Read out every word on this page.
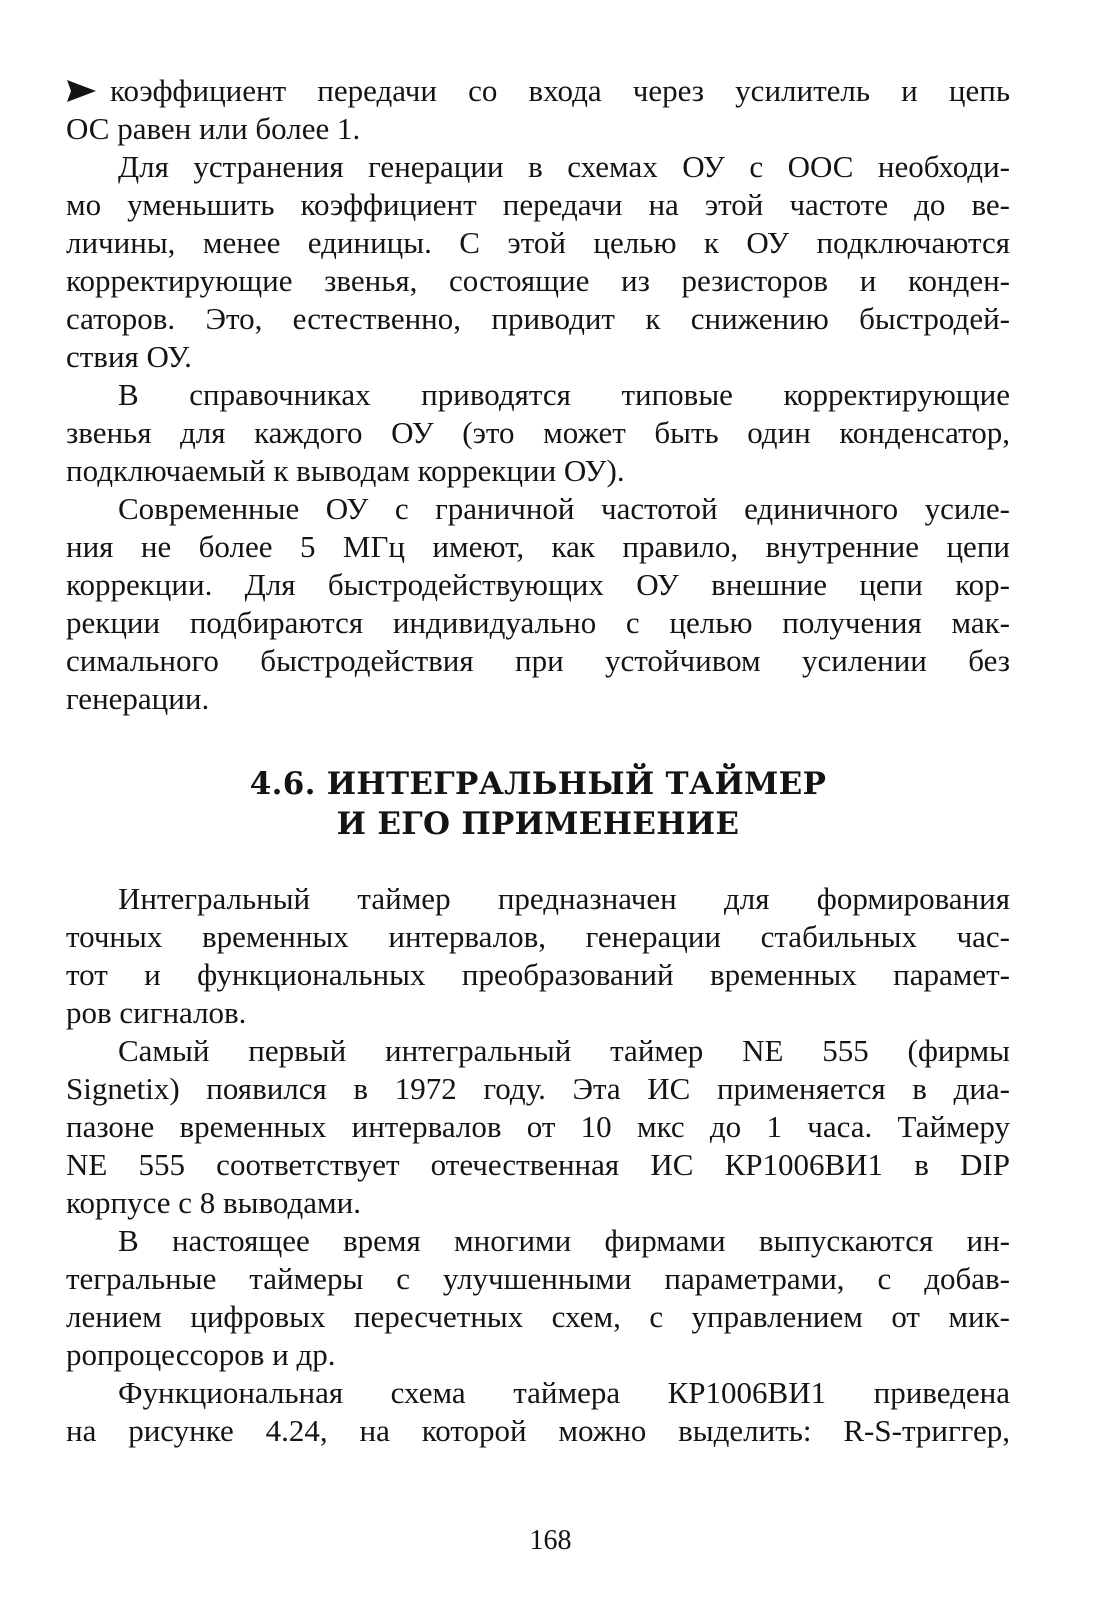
коэффициент передачи со входа через усилитель и цепь
ОС равен или более 1.

Для устранения генерации в схемах ОУ с ООС необходи-
мо уменьшить коэффициент передачи на этой частоте до ве-
личины, менее единицы. С этой целью к ОУ подключаются
корректирующие звенья, состоящие из резисторов и конден-
саторов. Это, естественно, приводит к снижению быстродей-
ствия ОУ.

В справочниках приводятся типовые корректирующие
звенья для каждого ОУ (это может быть один конденсатор,
подключаемый к выводам коррекции ОУ).

Современные ОУ с граничной частотой единичного усиле-
ния не более 5 МГц имеют, как правило, внутренние цепи
коррекции. Для быстродействующих ОУ внешние цепи кор-
рекции подбираются индивидуально с целью получения мак-
симального быстродействия при устойчивом усилении без
генерации.

4.6. ИНТЕГРАЛЬНЫЙ ТАЙМЕР
И ЕГО ПРИМЕНЕНИЕ

Интегральный таймер предназначен для формирования
точных временных интервалов, генерации стабильных час-
тот и функциональных преобразований временных парамет-
ров сигналов.

Самый первый интегральный таймер NE 555 (фирмы
Signetix) появился в 1972 году. Эта ИС применяется в диа-
пазоне временных интервалов от 10 мкс до 1 часа. Таймеру
NE 555 соответствует отечественная ИС КР1006ВИ1 в DIP
корпусе с 8 выводами.

В настоящее время многими фирмами выпускаются ин-
тегральные таймеры с улучшенными параметрами, с добав-
лением цифровых пересчетных схем, с управлением от мик-
ропроцессоров и др.

Функциональная схема таймера КР1006ВИ1 приведена
на рисунке 4.24, на которой можно выделить: R-S-триггер,

168
